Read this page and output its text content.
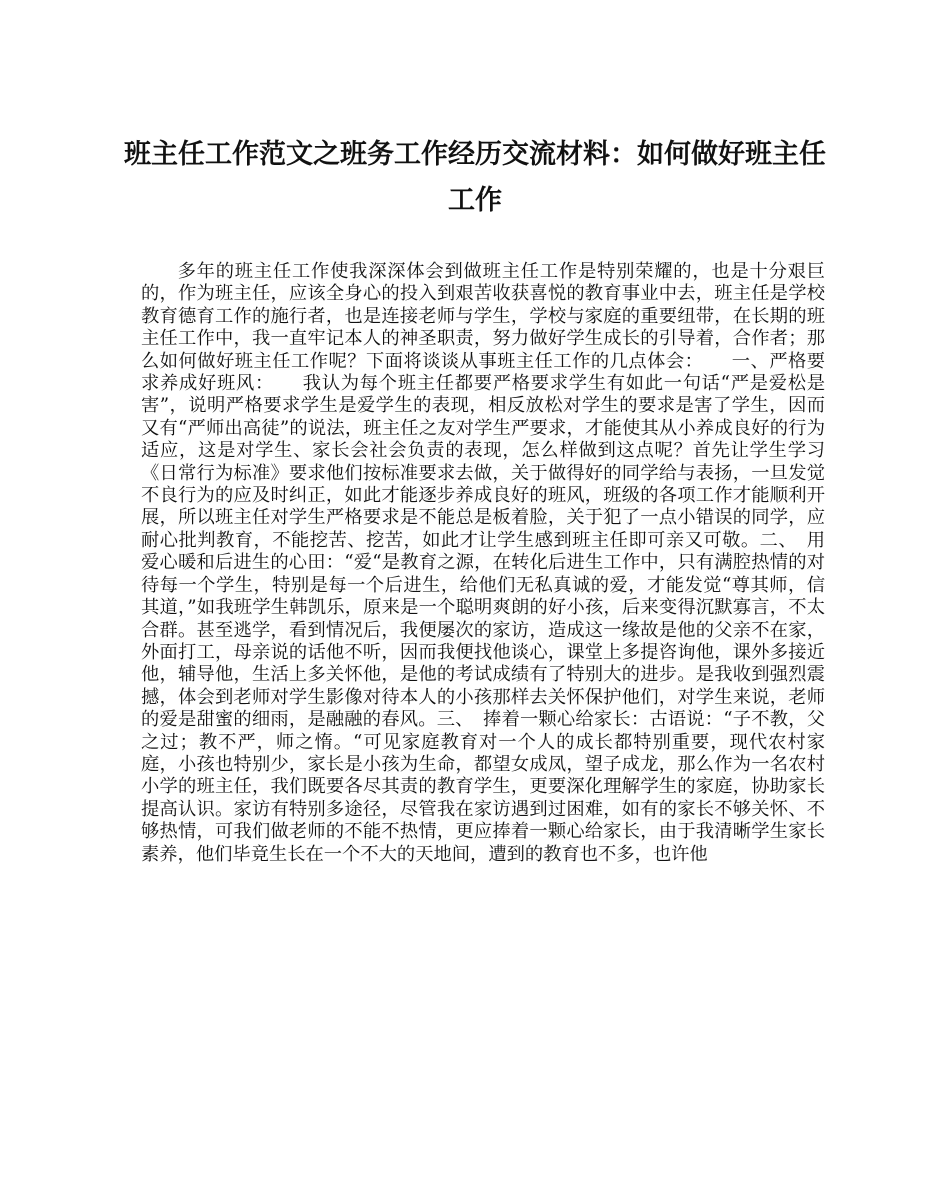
班主任工作范文之班务工作经历交流材料：如何做好班主任工作

多年的班主任工作使我深深体会到做班主任工作是特别荣耀的，也是十分艰巨的，作为班主任，应该全身心的投入到艰苦收获喜悦的教育事业中去，班主任是学校教育德育工作的施行者，也是连接老师与学生，学校与家庭的重要纽带，在长期的班主任工作中，我一直牢记本人的神圣职责，努力做好学生成长的引导着，合作者；那么如何做好班主任工作呢？下面将谈谈从事班主任工作的几点体会：　　一、严格要求养成好班风：　　我认为每个班主任都要严格要求学生有如此一句话“严是爱松是害”，说明严格要求学生是爱学生的表现，相反放松对学生的要求是害了学生，因而又有“严师出高徒”的说法，班主任之友对学生严要求，才能使其从小养成良好的行为适应，这是对学生、家长会社会负责的表现，怎么样做到这点呢？首先让学生学习《日常行为标准》要求他们按标准要求去做，关于做得好的同学给与表扬，一旦发觉不良行为的应及时纠正，如此才能逐步养成良好的班风，班级的各项工作才能顺利开展，所以班主任对学生严格要求是不能总是板着脸，关于犯了一点小错误的同学，应耐心批判教育，不能挖苦、挖苦，如此才让学生感到班主任即可亲又可敬。二、　用爱心暖和后进生的心田：“爱“是教育之源，在转化后进生工作中，只有满腔热情的对待每一个学生，特别是每一个后进生，给他们无私真诚的爱，才能发觉“尊其师，信其道，”如我班学生韩凯乐，原来是一个聪明爽朗的好小孩，后来变得沉默寡言，不太合群。甚至逃学，看到情况后，我便屡次的家访，造成这一缘故是他的父亲不在家，外面打工，母亲说的话他不听，因而我便找他谈心，课堂上多提咨询他，课外多接近他，辅导他，生活上多关怀他，是他的考试成绩有了特别大的进步。是我收到强烈震撼，体会到老师对学生影像对待本人的小孩那样去关怀保护他们，对学生来说，老师的爱是甜蜜的细雨，是融融的春风。三、　捧着一颗心给家长：古语说：“子不教，父之过；教不严，师之惰。“可见家庭教育对一个人的成长都特别重要，现代农村家庭，小孩也特别少，家长是小孩为生命，都望女成凤，望子成龙，那么作为一名农村小学的班主任，我们既要各尽其责的教育学生，更要深化理解学生的家庭，协助家长提高认识。家访有特别多途径，尽管我在家访遇到过困难，如有的家长不够关怀、不够热情，可我们做老师的不能不热情，更应捧着一颗心给家长，由于我清晰学生家长素养，他们毕竟生长在一个不大的天地间，遭到的教育也不多，也许他
